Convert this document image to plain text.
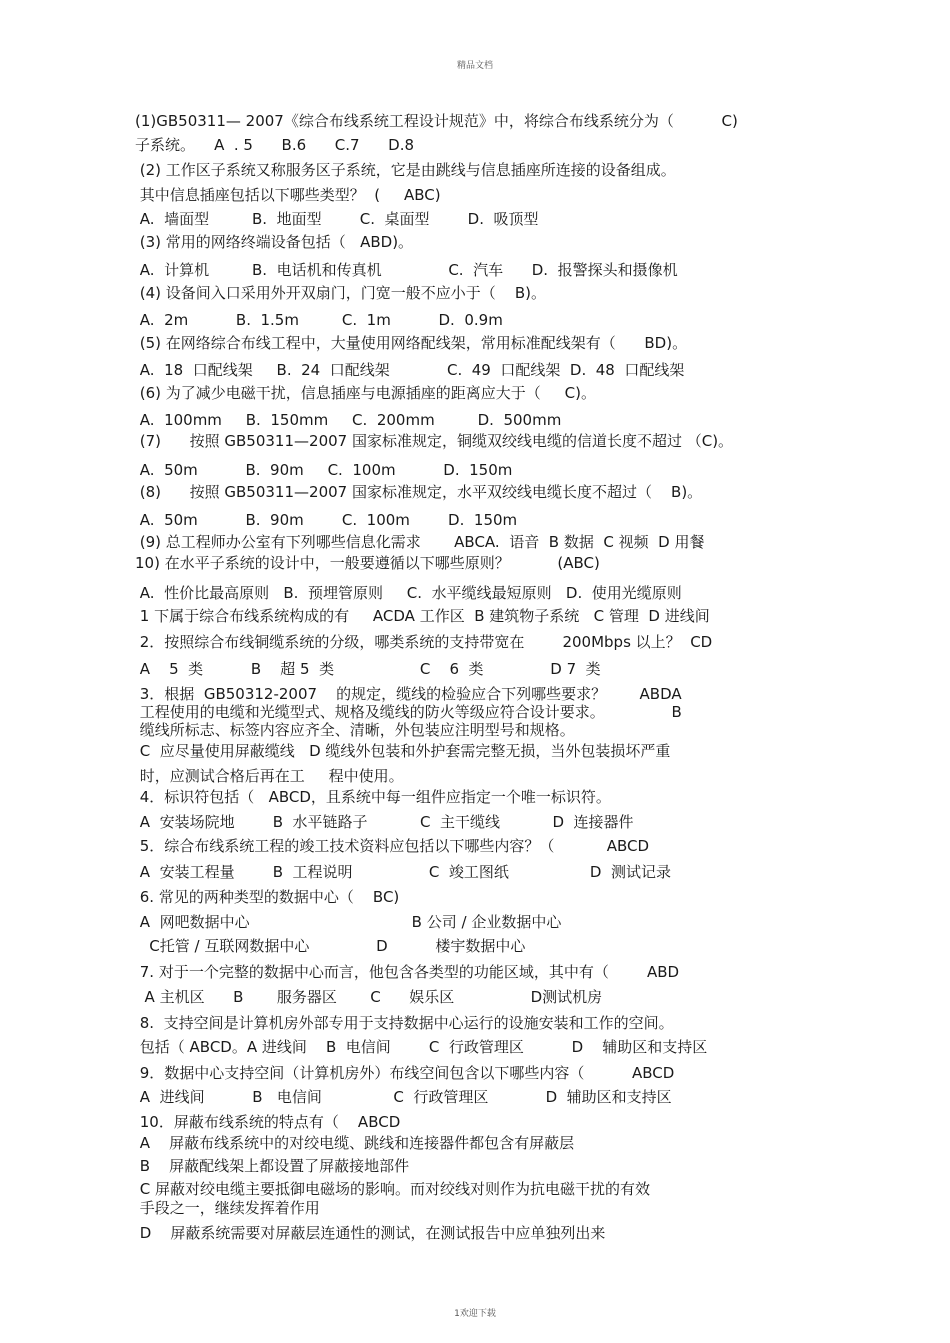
精品文档
(1)GB50311— 2007《综合布线系统工程设计规范》中，将综合布线系统分为（          C)
子系统。    A  . 5      B.6      C.7      D.8
(2) 工作区子系统又称服务区子系统，它是由跳线与信息插座所连接的设备组成。
其中信息插座包括以下哪些类型？  (     ABC)
A.  墙面型         B.  地面型        C.  桌面型        D.  吸顶型
(3) 常用的网络终端设备包括（   ABD)。
A.  计算机         B.  电话机和传真机              C.  汽车      D.  报警探头和摄像机
(4) 设备间入口采用外开双扇门，门宽一般不应小于（    B)。
A.  2m          B.  1.5m         C.  1m          D.  0.9m
(5) 在网络综合布线工程中，大量使用网络配线架，常用标准配线架有（      BD)。
A.  18  口配线架     B.  24  口配线架            C.  49  口配线架  D.  48  口配线架
(6) 为了减少电磁干扰，信息插座与电源插座的距离应大于（     C)。
A.  100mm     B.  150mm     C.  200mm         D.  500mm
(7)      按照 GB50311—2007 国家标准规定，铜缆双绞线电缆的信道长度不超过 （C)。
A.  50m          B.  90m     C.  100m          D.  150m
(8)      按照 GB50311—2007 国家标准规定，水平双绞线电缆长度不超过（    B)。
A.  50m          B.  90m        C.  100m        D.  150m
(9) 总工程师办公室有下列哪些信息化需求       ABCA.  语音  B 数据  C 视频  D 用餐
10) 在水平子系统的设计中，一般要遵循以下哪些原则？          (ABC)
A.  性价比最高原则   B.  预埋管原则     C.  水平缆线最短原则   D.  使用光缆原则
1 下属于综合布线系统构成的有     ACDA 工作区  B 建筑物子系统   C 管理  D 进线间
2．按照综合布线铜缆系统的分级，哪类系统的支持带宽在        200Mbps 以上？  CD
A    5  类          B    超 5  类                  C    6  类              D 7  类
3．根据  GB50312-2007    的规定，缆线的检验应合下列哪些要求？       ABDA
工程使用的电缆和光缆型式、规格及缆线的防火等级应符合设计要求。              B
缆线所标志、标签内容应齐全、清晰，外包装应注明型号和规格。
C  应尽量使用屏蔽缆线   D 缆线外包装和外护套需完整无损，当外包装损坏严重
时，应测试合格后再在工     程中使用。
4．标识符包括（   ABCD，且系统中每一组件应指定一个唯一标识符。
A  安装场院地        B  水平链路子           C  主干缆线           D  连接器件
5．综合布线系统工程的竣工技术资料应包括以下哪些内容？（           ABCD
A  安装工程量        B  工程说明                C  竣工图纸                 D  测试记录
6. 常见的两种类型的数据中心（    BC)
A  网吧数据中心                                  B 公司 / 企业数据中心
C托管 / 互联网数据中心              D          楼宇数据中心
7. 对于一个完整的数据中心而言，他包含各类型的功能区域，其中有（        ABD
A 主机区      B       服务器区       C      娱乐区                D测试机房
8.  支持空间是计算机房外部专用于支持数据中心运行的设施安装和工作的空间。
包括（ ABCD。A 进线间    B  电信间        C  行政管理区          D    辅助区和支持区
9．数据中心支持空间（计算机房外）布线空间包含以下哪些内容（          ABCD
A  进线间          B   电信间               C  行政管理区            D  辅助区和支持区
10．屏蔽布线系统的特点有（    ABCD
A    屏蔽布线系统中的对绞电缆、跳线和连接器件都包含有屏蔽层
B    屏蔽配线架上都设置了屏蔽接地部件
C 屏蔽对绞电缆主要抵御电磁场的影响。而对绞线对则作为抗电磁干扰的有效
手段之一，继续发挥着作用
D    屏蔽系统需要对屏蔽层连通性的测试，在测试报告中应单独列出来
1欢迎下载
